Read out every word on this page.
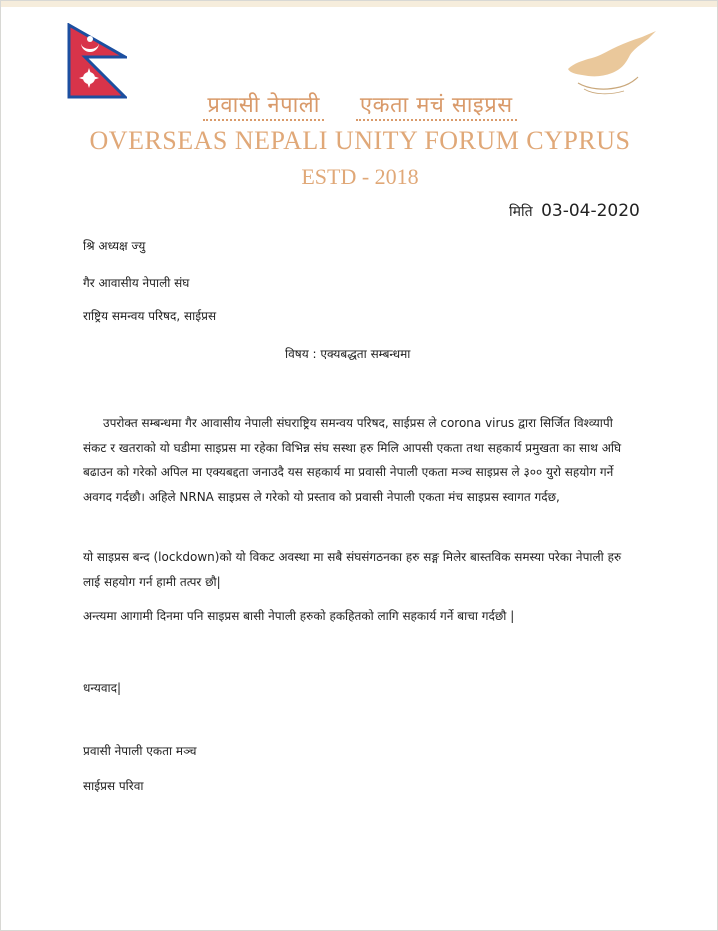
प्रवासी नेपाली एकता मचं साइप्रस
OVERSEAS NEPALI UNITY FORUM CYPRUS
ESTD - 2018
मिति 03-04-2020
श्रि अध्यक्ष ज्यु
गैर आवासीय नेपाली संघ
राष्ट्रिय समन्वय परिषद, साईप्रस
विषय : एक्यबद्धता सम्बन्धमा
उपरोक्त सम्बन्धमा गैर आवासीय नेपाली संघराष्ट्रिय समन्वय परिषद, साईप्रस ले corona virus द्वारा सिर्जित विश्व्यापी संकट र खतराको यो घडीमा साइप्रस मा रहेका विभिन्न संघ सस्था हरु मिलि आपसी एकता तथा सहकार्य प्रमुखता का साथ अघि बढाउन को गरेको अपिल मा एक्यबद्दता जनाउदै यस सहकार्य मा प्रवासी नेपाली एकता मञ्च साइप्रस ले ३०० युरो सहयोग गर्ने अवगद गर्दछौ। अहिले NRNA साइप्रस ले गरेको यो प्रस्ताव को प्रवासी नेपाली एकता मंच साइप्रस स्वागत गर्दछ,
यो साइप्रस बन्द (lockdown)को यो विकट अवस्था मा सबै संघसंगठनका हरु सङ्ग मिलेर बास्तविक समस्या परेका नेपाली हरु लाई सहयोग गर्न हामी तत्पर छौ|
अन्त्यमा आगामी दिनमा पनि साइप्रस बासी नेपाली हरुको हकहितको लागि सहकार्य गर्ने बाचा गर्दछौ |
धन्यवाद|
प्रवासी नेपाली एकता मञ्च
साईप्रस परिवा
